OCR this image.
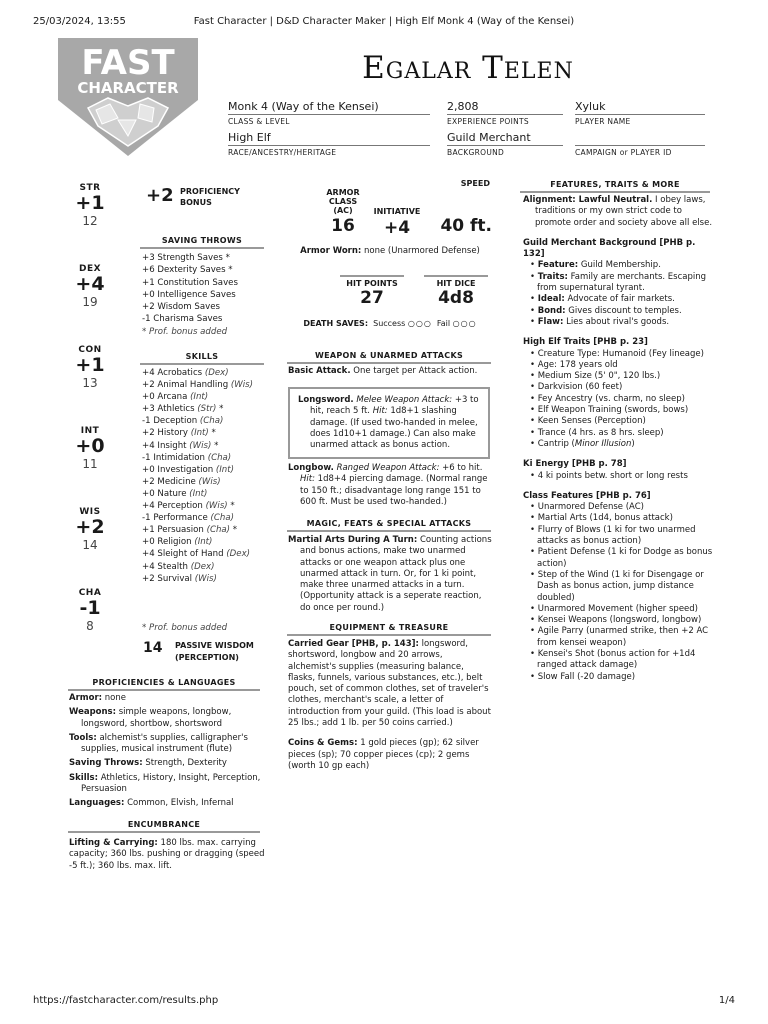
25/03/2024, 13:55	Fast Character | D&D Character Maker | High Elf Monk 4 (Way of the Kensei)
https://fastcharacter.com/results.php	1/4
FAST
CHARACTER
Egalar Telen
Monk 4 (Way of the Kensei)
CLASS & LEVEL
2,808
EXPERIENCE POINTS
Xyluk
PLAYER NAME
High Elf
RACE/ANCESTRY/HERITAGE
Guild Merchant
BACKGROUND	CAMPAIGN or PLAYER ID
STR
+1
12
DEX
+4
19
CON
+1
13
INT
+0
11
WIS
+2
14
CHA
-1
8
+2 PROFICIENCY BONUS
SAVING THROWS
+3 Strength Saves *
+6 Dexterity Saves *
+1 Constitution Saves
+0 Intelligence Saves
+2 Wisdom Saves
-1 Charisma Saves
* Prof. bonus added
SKILLS
+4 Acrobatics (Dex)
+2 Animal Handling (Wis)
+0 Arcana (Int)
+3 Athletics (Str) *
-1 Deception (Cha)
+2 History (Int) *
+4 Insight (Wis) *
-1 Intimidation (Cha)
+0 Investigation (Int)
+2 Medicine (Wis)
+0 Nature (Int)
+4 Perception (Wis) *
-1 Performance (Cha)
+1 Persuasion (Cha) *
+0 Religion (Int)
+4 Sleight of Hand (Dex)
+4 Stealth (Dex)
+2 Survival (Wis)
* Prof. bonus added
14 PASSIVE WISDOM (PERCEPTION)
PROFICIENCIES & LANGUAGES
Armor: none
Weapons: simple weapons, longbow, longsword, shortbow, shortsword
Tools: alchemist's supplies, calligrapher's supplies, musical instrument (flute)
Saving Throws: Strength, Dexterity
Skills: Athletics, History, Insight, Perception, Persuasion
Languages: Common, Elvish, Infernal
ENCUMBRANCE
Lifting & Carrying: 180 lbs. max. carrying capacity; 360 lbs. pushing or dragging (speed -5 ft.); 360 lbs. max. lift.
ARMOR CLASS (AC)
16
INITIATIVE
+4
SPEED
40 ft.
Armor Worn: none (Unarmored Defense)
HIT POINTS
27
HIT DICE
4d8
DEATH SAVES: Success ○○○ Fail ○○○
WEAPON & UNARMED ATTACKS
Basic Attack. One target per Attack action.
Longsword. Melee Weapon Attack: +3 to hit, reach 5 ft. Hit: 1d8+1 slashing damage. (If used two-handed in melee, does 1d10+1 damage.) Can also make unarmed attack as bonus action.
Longbow. Ranged Weapon Attack: +6 to hit. Hit: 1d8+4 piercing damage. (Normal range to 150 ft.; disadvantage long range 151 to 600 ft. Must be used two-handed.)
MAGIC, FEATS & SPECIAL ATTACKS
Martial Arts During A Turn: Counting actions and bonus actions, make two unarmed attacks or one weapon attack plus one unarmed attack in turn. Or, for 1 ki point, make three unarmed attacks in a turn. (Opportunity attack is a seperate reaction, do once per round.)
EQUIPMENT & TREASURE
Carried Gear [PHB, p. 143]: longsword, shortsword, longbow and 20 arrows, alchemist's supplies (measuring balance, flasks, funnels, various substances, etc.), belt pouch, set of common clothes, set of traveler's clothes, merchant's scale, a letter of introduction from your guild. (This load is about 25 lbs.; add 1 lb. per 50 coins carried.)
Coins & Gems: 1 gold pieces (gp); 62 silver pieces (sp); 70 copper pieces (cp); 2 gems (worth 10 gp each)
FEATURES, TRAITS & MORE
Alignment: Lawful Neutral. I obey laws, traditions or my own strict code to promote order and society above all else.
Guild Merchant Background [PHB p. 132]
• Feature: Guild Membership.
• Traits: Family are merchants. Escaping from supernatural tyrant.
• Ideal: Advocate of fair markets.
• Bond: Gives discount to temples.
• Flaw: Lies about rival's goods.
High Elf Traits [PHB p. 23]
• Creature Type: Humanoid (Fey lineage)
• Age: 178 years old
• Medium Size (5' 0", 120 lbs.)
• Darkvision (60 feet)
• Fey Ancestry (vs. charm, no sleep)
• Elf Weapon Training (swords, bows)
• Keen Senses (Perception)
• Trance (4 hrs. as 8 hrs. sleep)
• Cantrip (Minor Illusion)
Ki Energy [PHB p. 78]
• 4 ki points betw. short or long rests
Class Features [PHB p. 76]
• Unarmored Defense (AC)
• Martial Arts (1d4, bonus attack)
• Flurry of Blows (1 ki for two unarmed attacks as bonus action)
• Patient Defense (1 ki for Dodge as bonus action)
• Step of the Wind (1 ki for Disengage or Dash as bonus action, jump distance doubled)
• Unarmored Movement (higher speed)
• Kensei Weapons (longsword, longbow)
• Agile Parry (unarmed strike, then +2 AC from kensei weapon)
• Kensei's Shot (bonus action for +1d4 ranged attack damage)
• Slow Fall (-20 damage)
